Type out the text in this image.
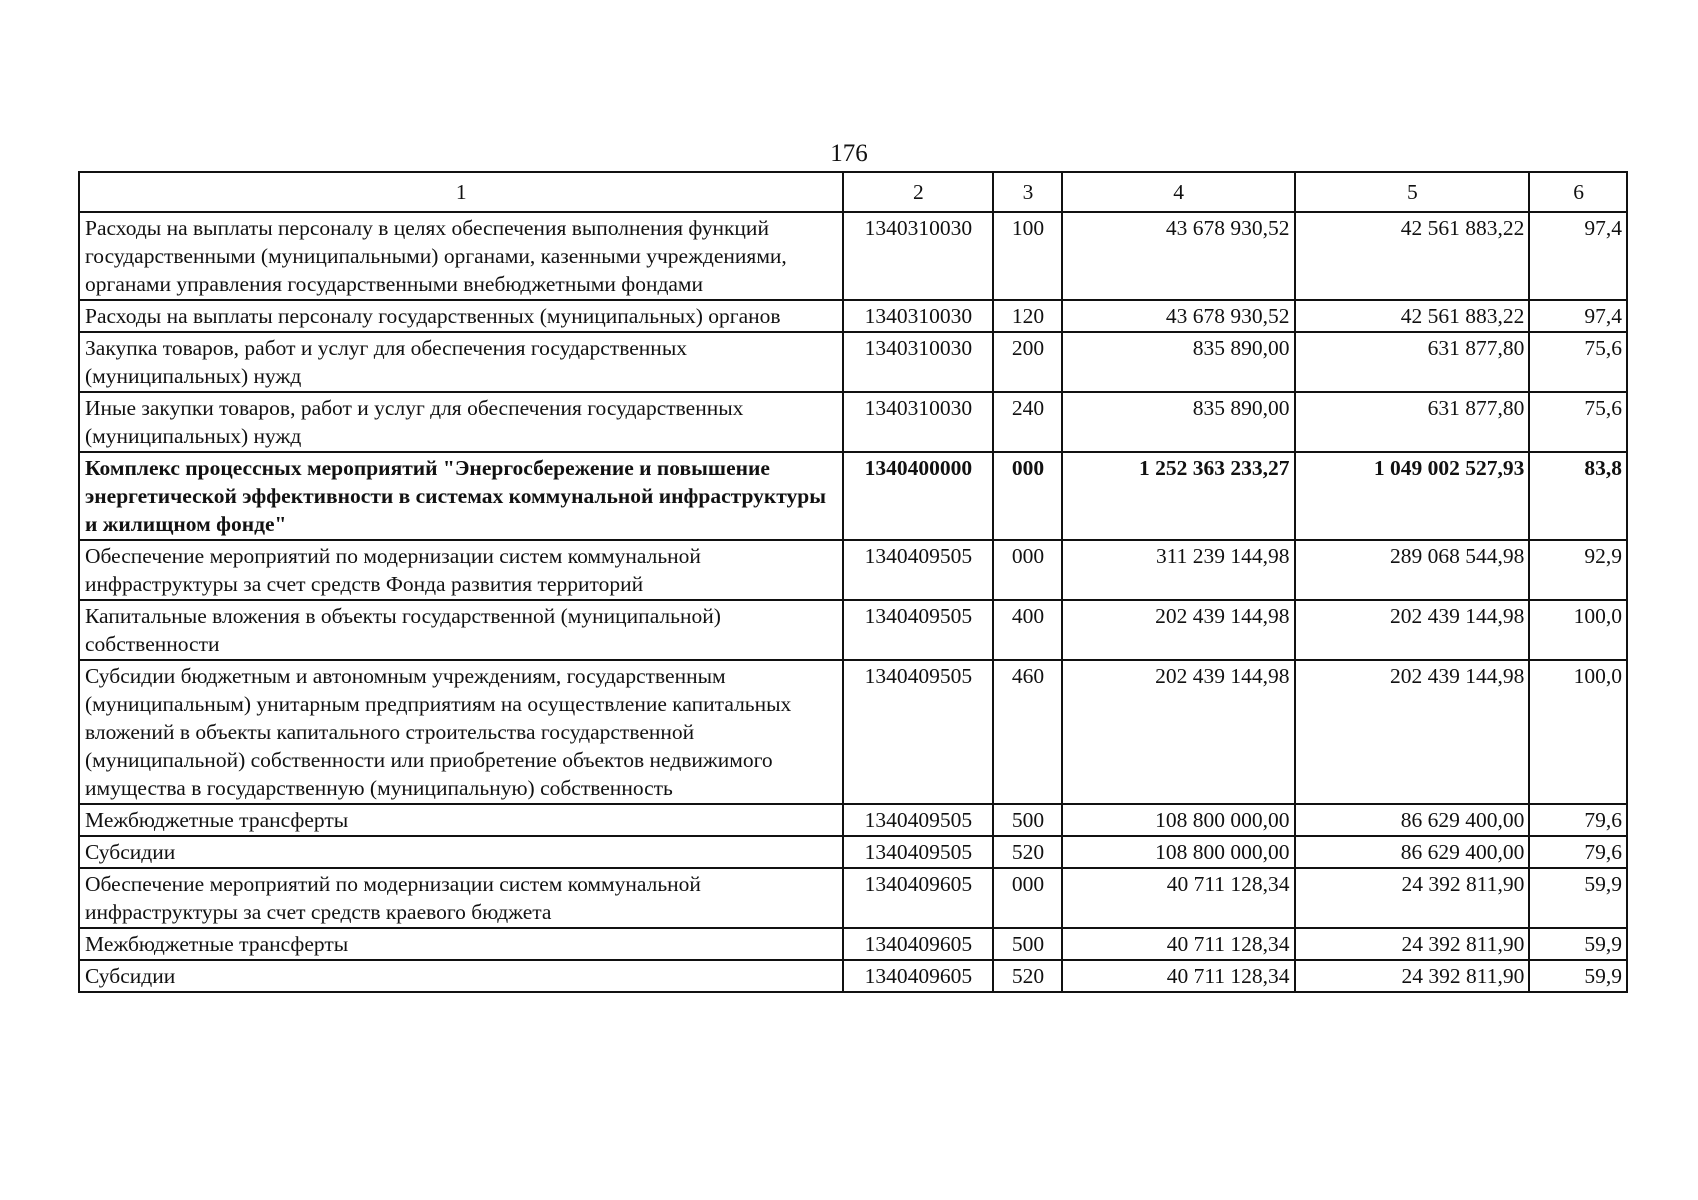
176
1	2	3	4	5	6
Расходы на выплаты персоналу в целях обеспечения выполнения функций государственными (муниципальными) органами, казенными учреждениями, органами управления государственными внебюджетными фондами	1340310030	100	43 678 930,52	42 561 883,22	97,4
Расходы на выплаты персоналу государственных (муниципальных) органов	1340310030	120	43 678 930,52	42 561 883,22	97,4
Закупка товаров, работ и услуг для обеспечения государственных (муниципальных) нужд	1340310030	200	835 890,00	631 877,80	75,6
Иные закупки товаров, работ и услуг для обеспечения государственных (муниципальных) нужд	1340310030	240	835 890,00	631 877,80	75,6
Комплекс процессных мероприятий "Энергосбережение и повышение энергетической эффективности в системах коммунальной инфраструктуры и жилищном фонде"	1340400000	000	1 252 363 233,27	1 049 002 527,93	83,8
Обеспечение мероприятий по модернизации систем коммунальной инфраструктуры за счет средств Фонда развития территорий	1340409505	000	311 239 144,98	289 068 544,98	92,9
Капитальные вложения в объекты государственной (муниципальной) собственности	1340409505	400	202 439 144,98	202 439 144,98	100,0
Субсидии бюджетным и автономным учреждениям, государственным (муниципальным) унитарным предприятиям на осуществление капитальных вложений в объекты капитального строительства государственной (муниципальной) собственности или приобретение объектов недвижимого имущества в государственную (муниципальную) собственность	1340409505	460	202 439 144,98	202 439 144,98	100,0
Межбюджетные трансферты	1340409505	500	108 800 000,00	86 629 400,00	79,6
Субсидии	1340409505	520	108 800 000,00	86 629 400,00	79,6
Обеспечение мероприятий по модернизации систем коммунальной инфраструктуры за счет средств краевого бюджета	1340409605	000	40 711 128,34	24 392 811,90	59,9
Межбюджетные трансферты	1340409605	500	40 711 128,34	24 392 811,90	59,9
Субсидии	1340409605	520	40 711 128,34	24 392 811,90	59,9
